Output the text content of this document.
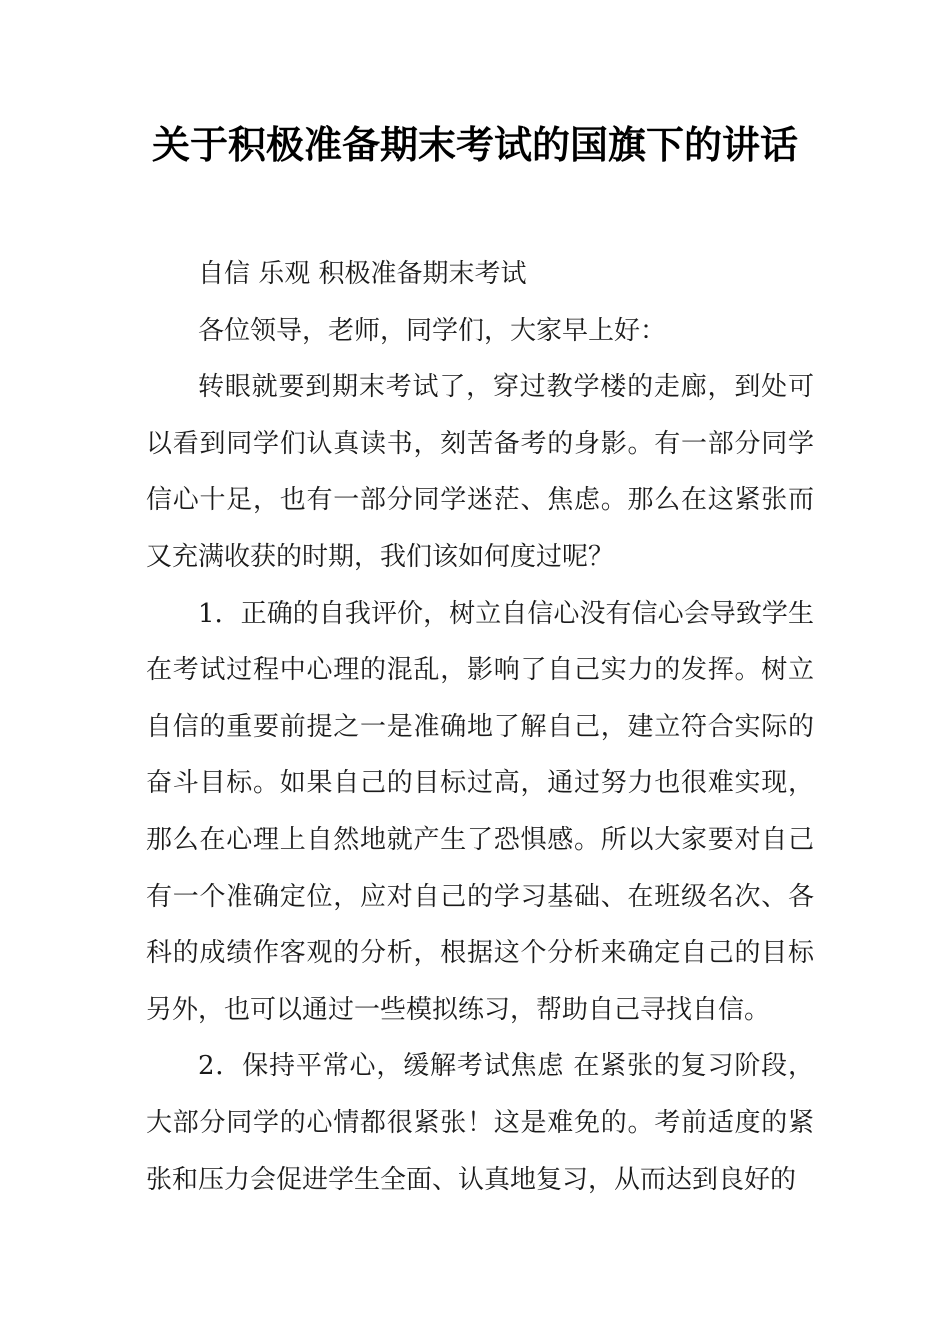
关于积极准备期末考试的国旗下的讲话

自信 乐观 积极准备期末考试

各位领导，老师，同学们，大家早上好：

转眼就要到期末考试了，穿过教学楼的走廊，到处可以看到同学们认真读书，刻苦备考的身影。有一部分同学信心十足，也有一部分同学迷茫、焦虑。那么在这紧张而又充满收获的时期，我们该如何度过呢？

1．正确的自我评价，树立自信心没有信心会导致学生在考试过程中心理的混乱，影响了自己实力的发挥。树立自信的重要前提之一是准确地了解自己，建立符合实际的奋斗目标。如果自己的目标过高，通过努力也很难实现，那么在心理上自然地就产生了恐惧感。所以大家要对自己有一个准确定位，应对自己的学习基础、在班级名次、各科的成绩作客观的分析，根据这个分析来确定自己的目标另外，也可以通过一些模拟练习，帮助自己寻找自信。

2．保持平常心，缓解考试焦虑 在紧张的复习阶段，大部分同学的心情都很紧张！这是难免的。考前适度的紧张和压力会促进学生全面、认真地复习，从而达到良好的
